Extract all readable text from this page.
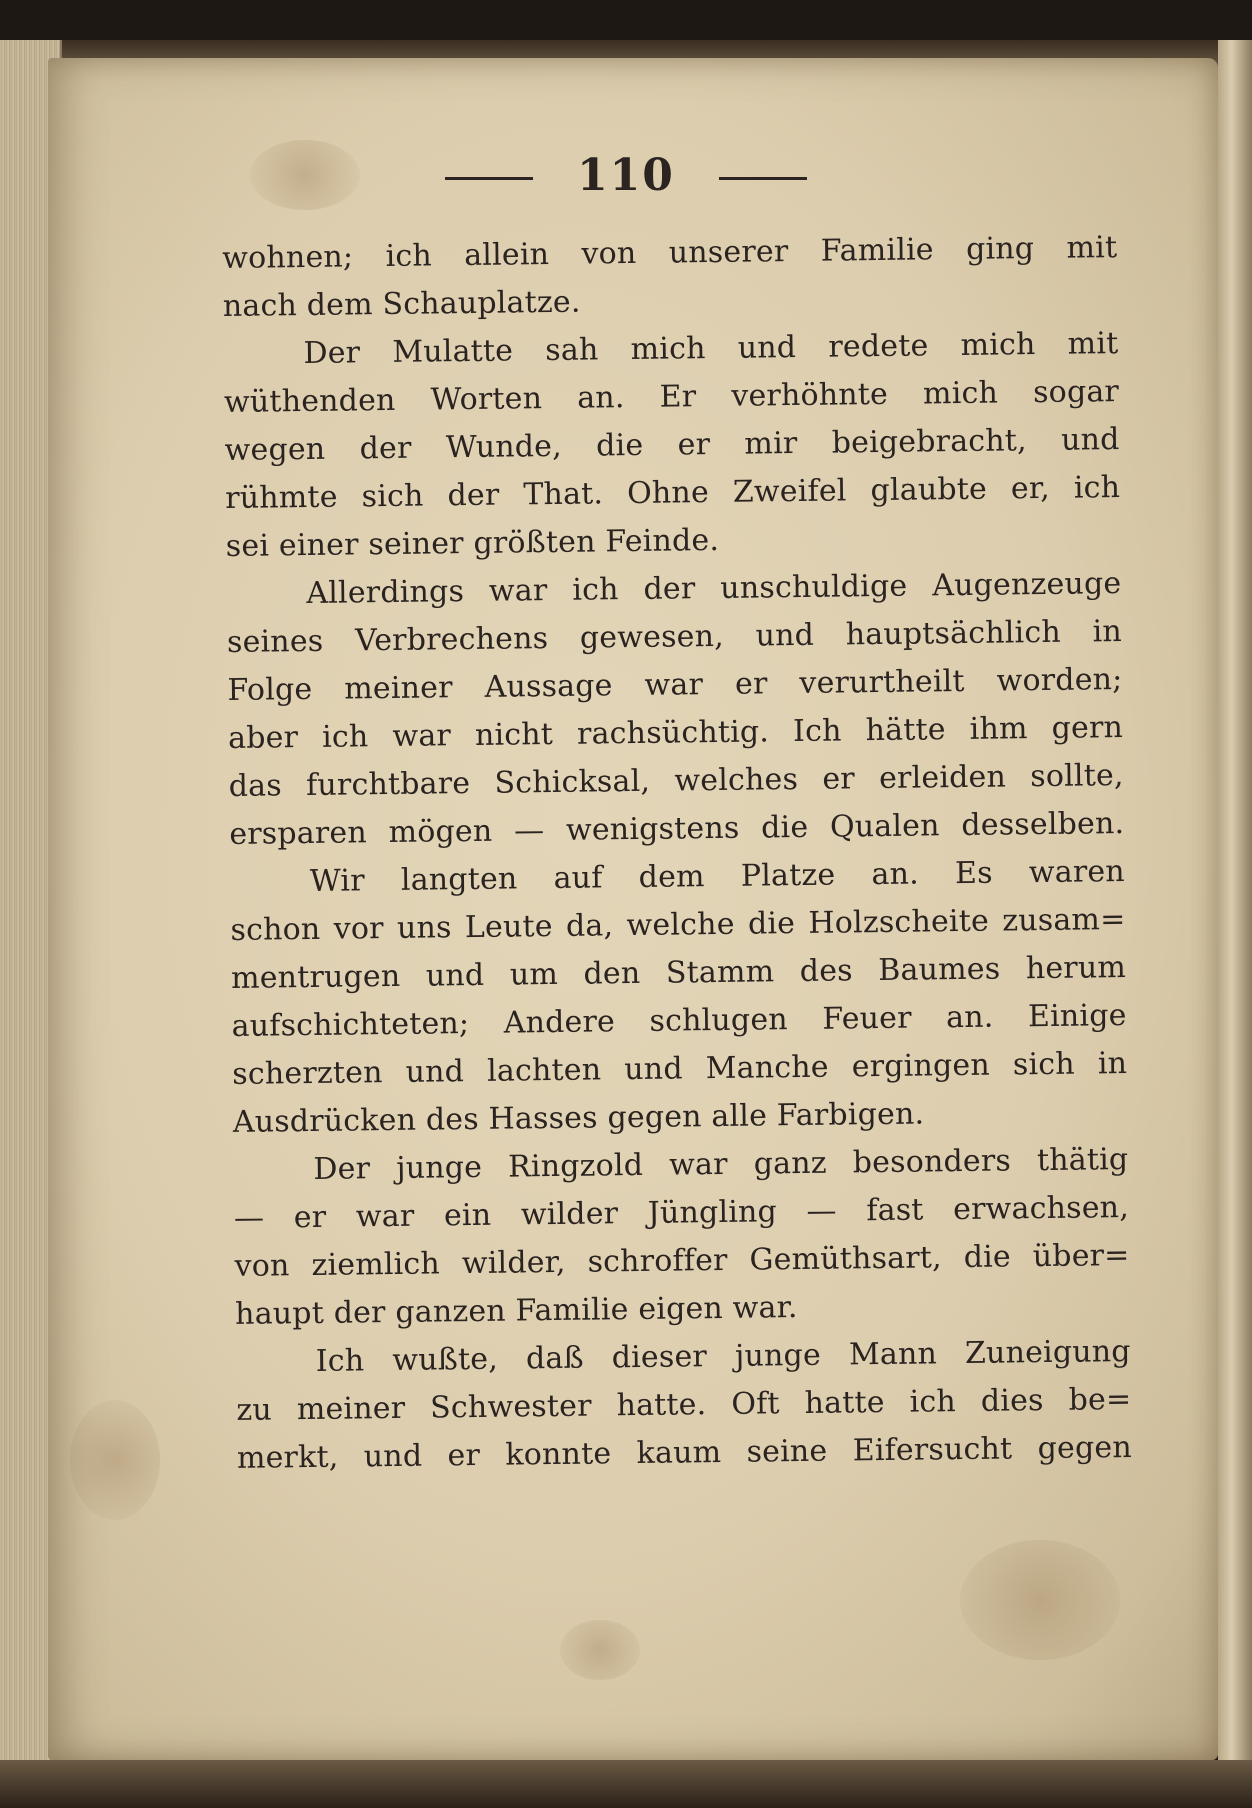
110
wohnen; ich allein von unserer Familie ging mit
nach dem Schauplatze.
Der Mulatte sah mich und redete mich mit
wüthenden Worten an. Er verhöhnte mich sogar
wegen der Wunde, die er mir beigebracht, und
rühmte sich der That. Ohne Zweifel glaubte er, ich
sei einer seiner größten Feinde.
Allerdings war ich der unschuldige Augenzeuge
seines Verbrechens gewesen, und hauptsächlich in
Folge meiner Aussage war er verurtheilt worden;
aber ich war nicht rachsüchtig. Ich hätte ihm gern
das furchtbare Schicksal, welches er erleiden sollte,
ersparen mögen — wenigstens die Qualen desselben.
Wir langten auf dem Platze an. Es waren
schon vor uns Leute da, welche die Holzscheite zusam=
mentrugen und um den Stamm des Baumes herum
aufschichteten; Andere schlugen Feuer an. Einige
scherzten und lachten und Manche ergingen sich in
Ausdrücken des Hasses gegen alle Farbigen.
Der junge Ringzold war ganz besonders thätig
— er war ein wilder Jüngling — fast erwachsen,
von ziemlich wilder, schroffer Gemüthsart, die über=
haupt der ganzen Familie eigen war.
Ich wußte, daß dieser junge Mann Zuneigung
zu meiner Schwester hatte. Oft hatte ich dies be=
merkt, und er konnte kaum seine Eifersucht gegen
